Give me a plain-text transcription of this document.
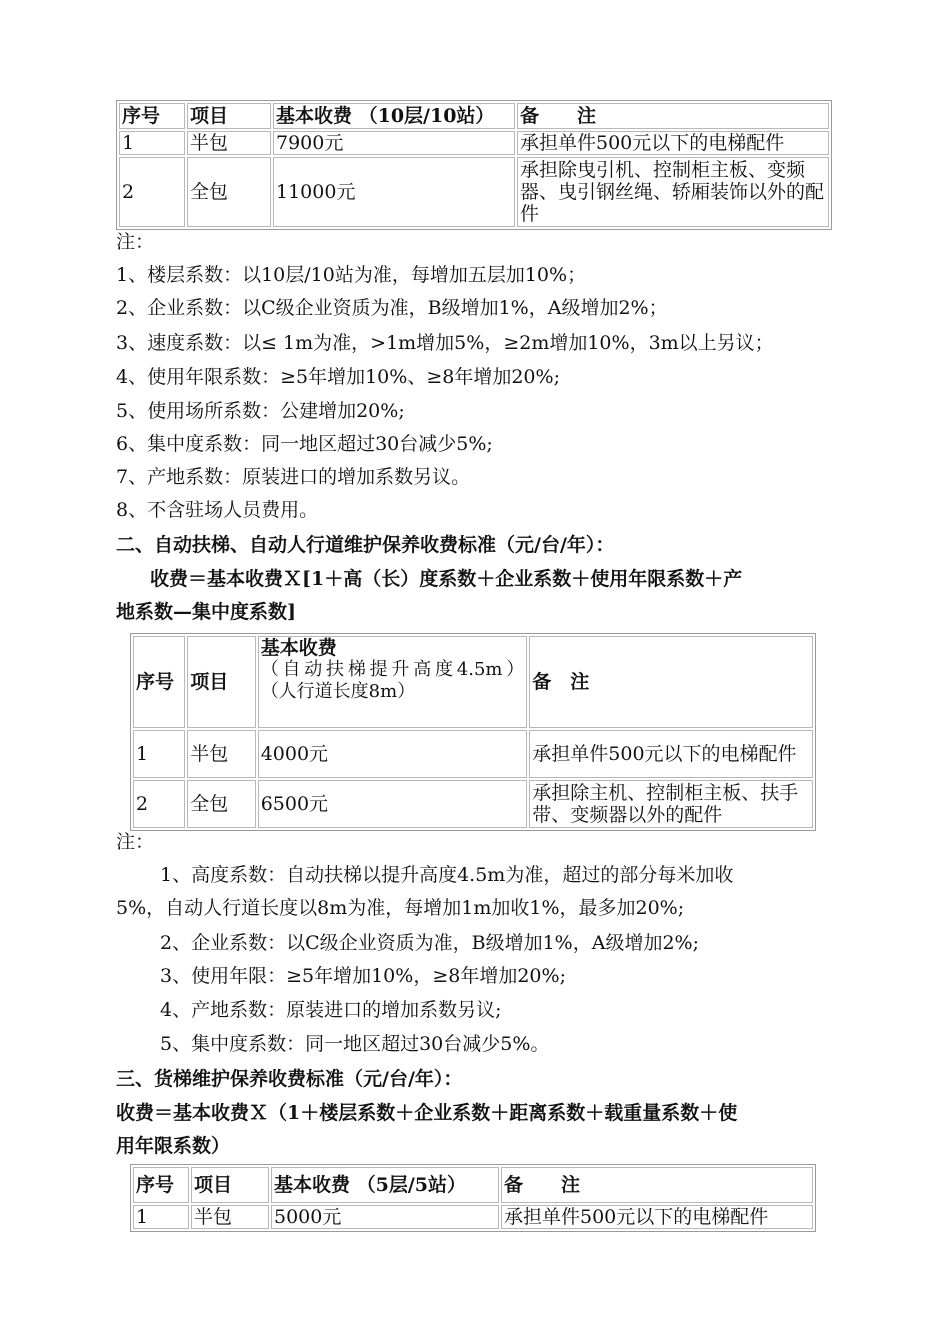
序号	项目	基本收费 （10层/10站）	备　　注
1	半包	7900元	承担单件500元以下的电梯配件
2	全包	11000元	承担除曳引机、控制柜主板、变频器、曳引钢丝绳、轿厢装饰以外的配件
注：
1、楼层系数：以10层/10站为准，每增加五层加10%；
2、企业系数：以C级企业资质为准，B级增加1%，A级增加2%；
3、速度系数：以≤ 1m为准，>1m增加5%，≥2m增加10%，3m以上另议；
4、使用年限系数：≥5年增加10%、≥8年增加20%;
5、使用场所系数：公建增加20%;
6、集中度系数：同一地区超过30台减少5%;
7、产地系数：原装进口的增加系数另议。
8、不含驻场人员费用。
二、自动扶梯、自动人行道维护保养收费标准（元/台/年）：
收费＝基本收费Ｘ[1＋高（长）度系数＋企业系数＋使用年限系数＋产
地系数—集中度系数]
序号	项目	基本收费
（自动扶梯提升高度4.5m）
（人行道长度8m）	备　注
1	半包	4000元	承担单件500元以下的电梯配件
2	全包	6500元	承担除主机、控制柜主板、扶手带、变频器以外的配件
注：
1、高度系数：自动扶梯以提升高度4.5m为准，超过的部分每米加收
5%，自动人行道长度以8m为准，每增加1m加收1%，最多加20%;
2、企业系数：以C级企业资质为准，B级增加1%，A级增加2%;
3、使用年限：≥5年增加10%，≥8年增加20%;
4、产地系数：原装进口的增加系数另议;
5、集中度系数：同一地区超过30台减少5%。
三、货梯维护保养收费标准（元/台/年）：
收费＝基本收费Ｘ（1＋楼层系数＋企业系数＋距离系数＋载重量系数＋使
用年限系数）
序号	项目	基本收费 （5层/5站）	备　　注
1	半包	5000元	承担单件500元以下的电梯配件
